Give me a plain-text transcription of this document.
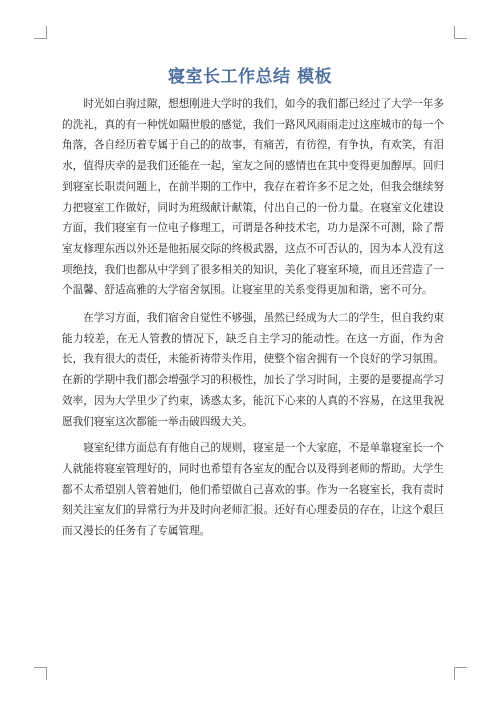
寝室长工作总结 模板

时光如白驹过隙，想想刚进大学时的我们，如今的我们都已经过了大学一年多的洗礼，真的有一种恍如隔世般的感觉，我们一路风风雨雨走过这座城市的每一个角落，各自经历着专属于自己的的故事，有痛苦，有彷徨，有争执，有欢笑，有泪水，值得庆幸的是我们还能在一起，室友之间的感情也在其中变得更加醇厚。回归到寝室长职责问题上，在前半期的工作中，我存在着许多不足之处，但我会继续努力把寝室工作做好，同时为班级献计献策，付出自己的一份力量。在寝室文化建设方面，我们寝室有一位电子修理工，可谓是各种技术宅，功力是深不可测，除了帮室友修理东西以外还是他拓展交际的终极武器，这点不可否认的，因为本人没有这项绝技，我们也都从中学到了很多相关的知识，美化了寝室环境，而且还营造了一个温馨、舒适高雅的大学宿舍氛围。让寝室里的关系变得更加和谐，密不可分。

在学习方面，我们宿舍自觉性不够强，虽然已经成为大二的学生，但自我约束能力较差，在无人管教的情况下，缺乏自主学习的能动性。在这一方面，作为舍长，我有很大的责任，未能祈祷带头作用，使整个宿舍拥有一个良好的学习氛围。在新的学期中我们都会增强学习的积极性，加长了学习时间，主要的是要提高学习效率，因为大学里少了约束，诱惑太多，能沉下心来的人真的不容易，在这里我祝愿我们寝室这次都能一举击破四级大关。

寝室纪律方面总有有他自己的规则，寝室是一个大家庭，不是单靠寝室长一个人就能将寝室管理好的，同时也希望有各室友的配合以及得到老师的帮助。大学生都不太希望别人管着她们，他们希望做自己喜欢的事。作为一名寝室长，我有责时刻关注室友们的异常行为并及时向老师汇报。还好有心理委员的存在，让这个艰巨而又漫长的任务有了专属管理。
